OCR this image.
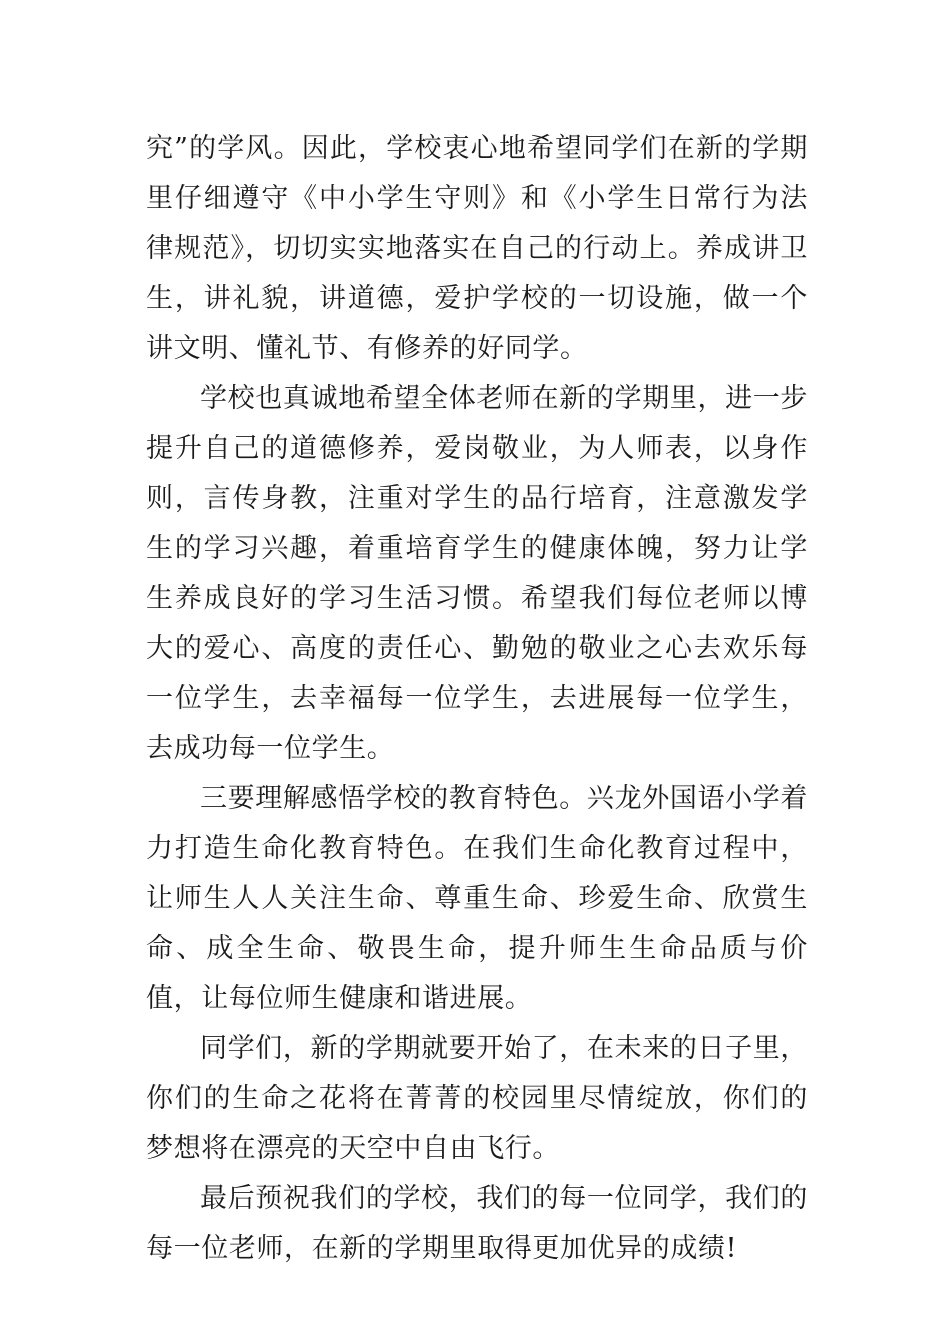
究”的学风。因此，学校衷心地希望同学们在新的学期里仔细遵守《中小学生守则》和《小学生日常行为法律规范》，切切实实地落实在自己的行动上。养成讲卫生，讲礼貌，讲道德，爱护学校的一切设施，做一个讲文明、懂礼节、有修养的好同学。

学校也真诚地希望全体老师在新的学期里，进一步提升自己的道德修养，爱岗敬业，为人师表，以身作则，言传身教，注重对学生的品行培育，注意激发学生的学习兴趣，着重培育学生的健康体魄，努力让学生养成良好的学习生活习惯。希望我们每位老师以博大的爱心、高度的责任心、勤勉的敬业之心去欢乐每一位学生，去幸福每一位学生，去进展每一位学生，去成功每一位学生。

三要理解感悟学校的教育特色。兴龙外国语小学着力打造生命化教育特色。在我们生命化教育过程中，让师生人人关注生命、尊重生命、珍爱生命、欣赏生命、成全生命、敬畏生命，提升师生生命品质与价值，让每位师生健康和谐进展。

同学们，新的学期就要开始了，在未来的日子里，你们的生命之花将在菁菁的校园里尽情绽放，你们的梦想将在漂亮的天空中自由飞行。

最后预祝我们的学校，我们的每一位同学，我们的每一位老师，在新的学期里取得更加优异的成绩!
